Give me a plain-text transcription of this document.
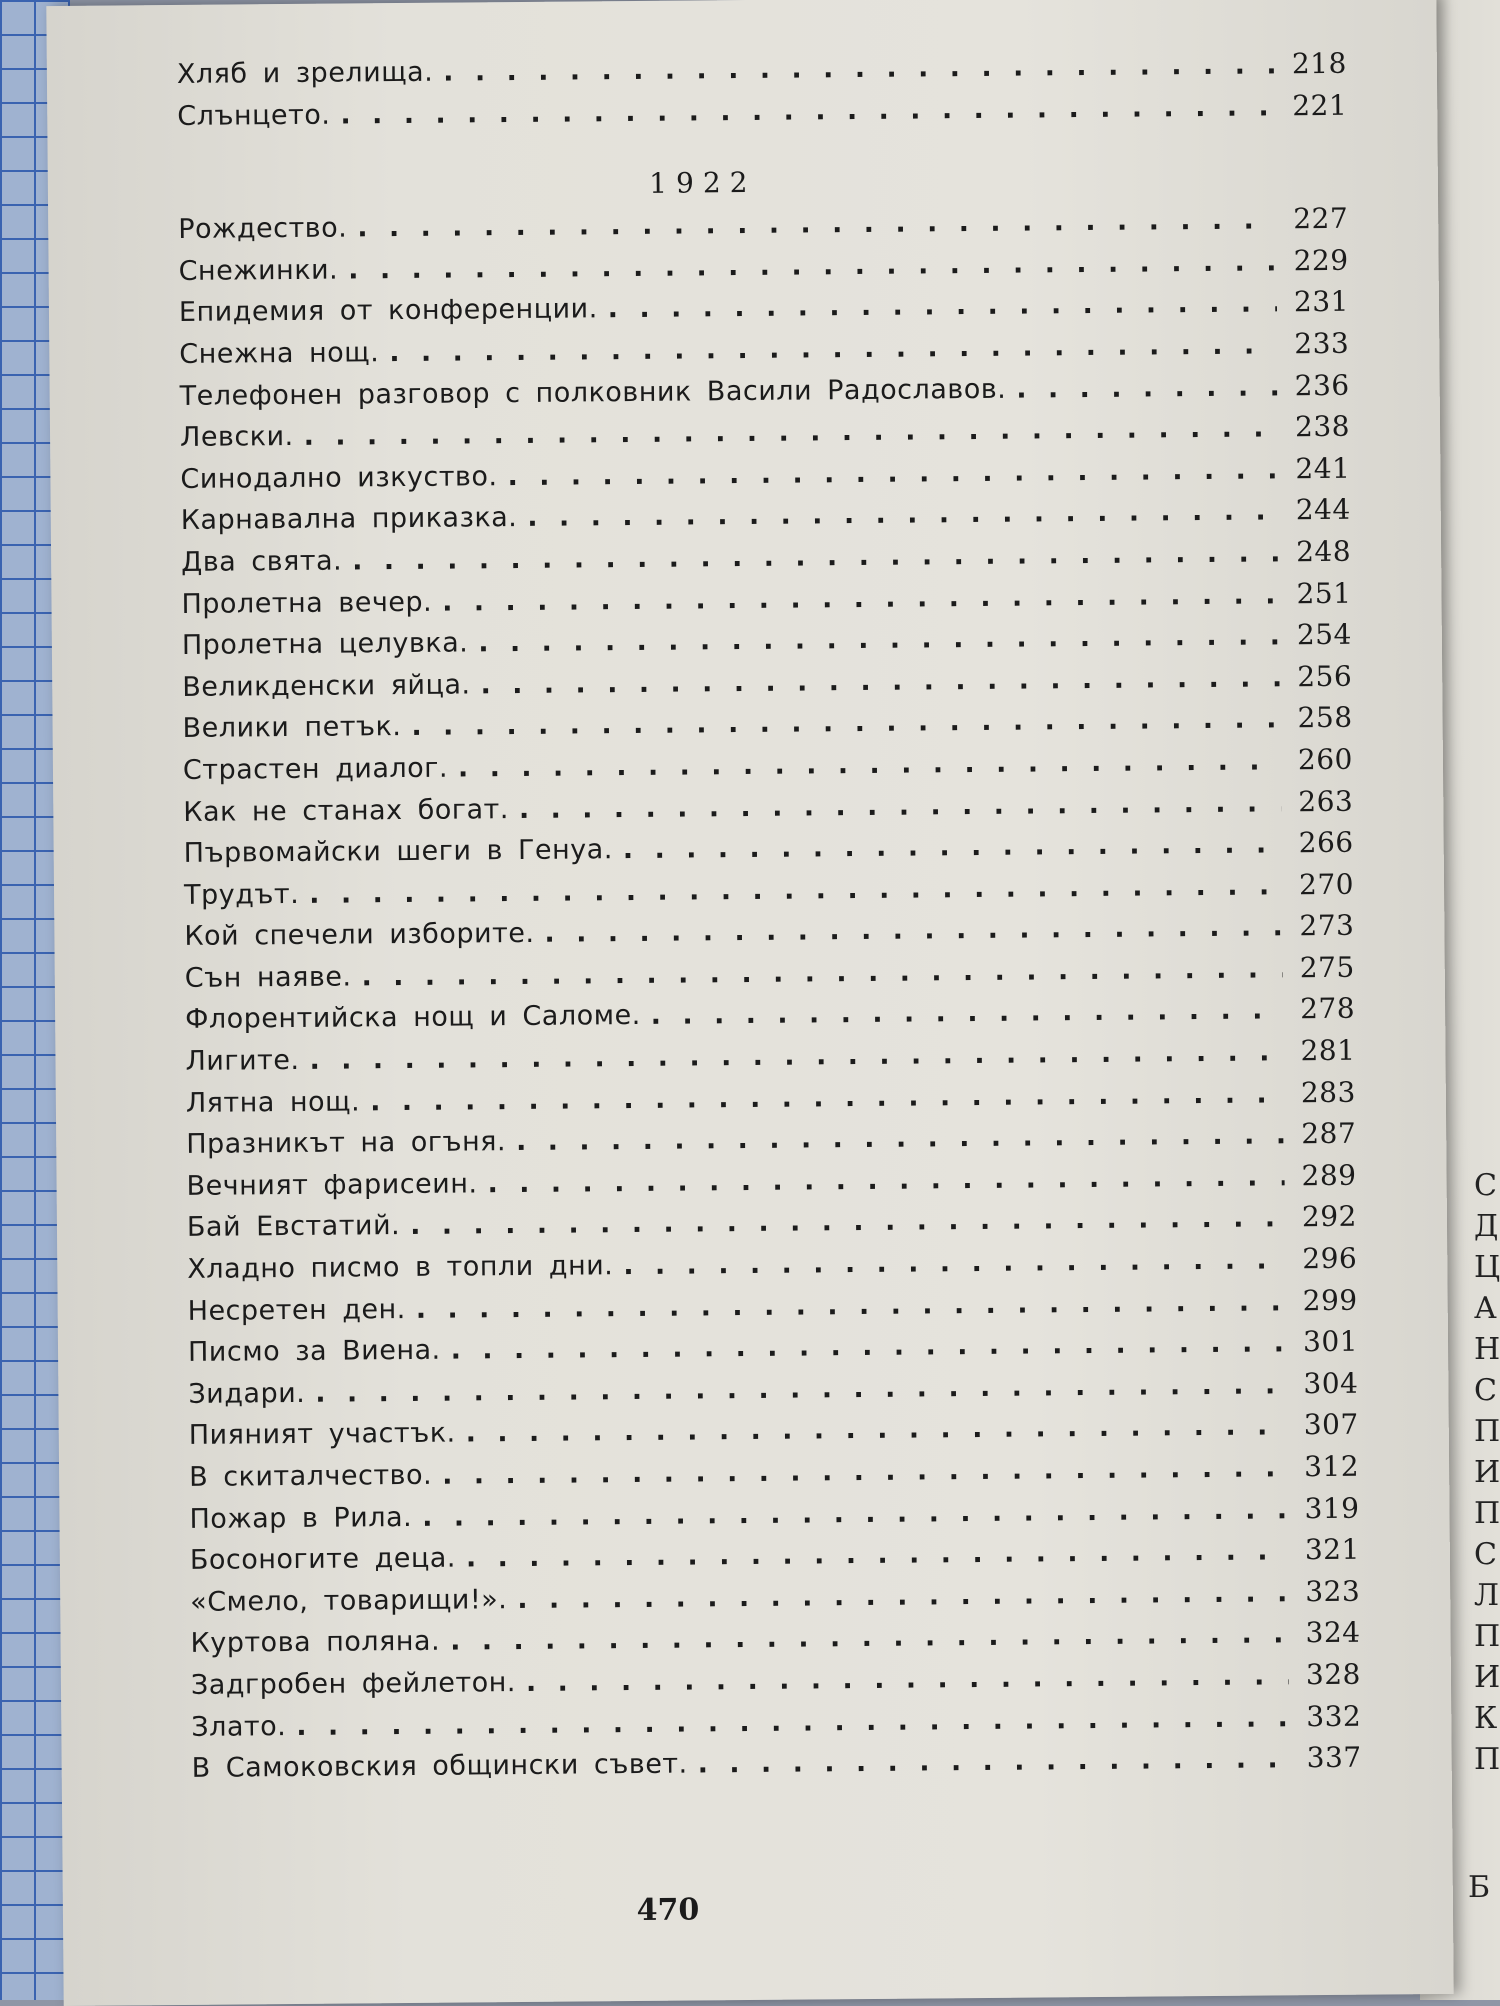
С
Д
Ц
А
Н
С
П
И
П
С
Л
П
И
К
П
Б
Хляб и зрелища. . . .	218
Слънцето. . . .	221
1922
Рождество. . . .	227
Снежинки. . . .	229
Епидемия от конференции. . . .	231
Снежна нощ. . . .	233
Телефонен разговор с полковник Васили Радославов. . . .	236
Левски. . . .	238
Синодално изкуство. . . .	241
Карнавална приказка. . . .	244
Два свята. . . .	248
Пролетна вечер. . . .	251
Пролетна целувка. . . .	254
Великденски яйца. . . .	256
Велики петък. . . .	258
Страстен диалог. . . .	260
Как не станах богат. . . .	263
Първомайски шеги в Генуа. . . .	266
Трудът. . . .	270
Кой спечели изборите. . . .	273
Сън наяве. . . .	275
Флорентийска нощ и Саломе. . . .	278
Лигите. . . .	281
Лятна нощ. . . .	283
Празникът на огъня. . . .	287
Вечният фарисеин. . . .	289
Бай Евстатий. . . .	292
Хладно писмо в топли дни. . . .	296
Несретен ден. . . .	299
Писмо за Виена. . . .	301
Зидари. . . .	304
Пияният участък. . . .	307
В скиталчество. . . .	312
Пожар в Рила. . . .	319
Босоногите деца. . . .	321
«Смело, товарищи!». . . .	323
Куртова поляна. . . .	324
Задгробен фейлетон. . . .	328
Злато. . . .	332
В Самоковския общински съвет. . . .	337
470
